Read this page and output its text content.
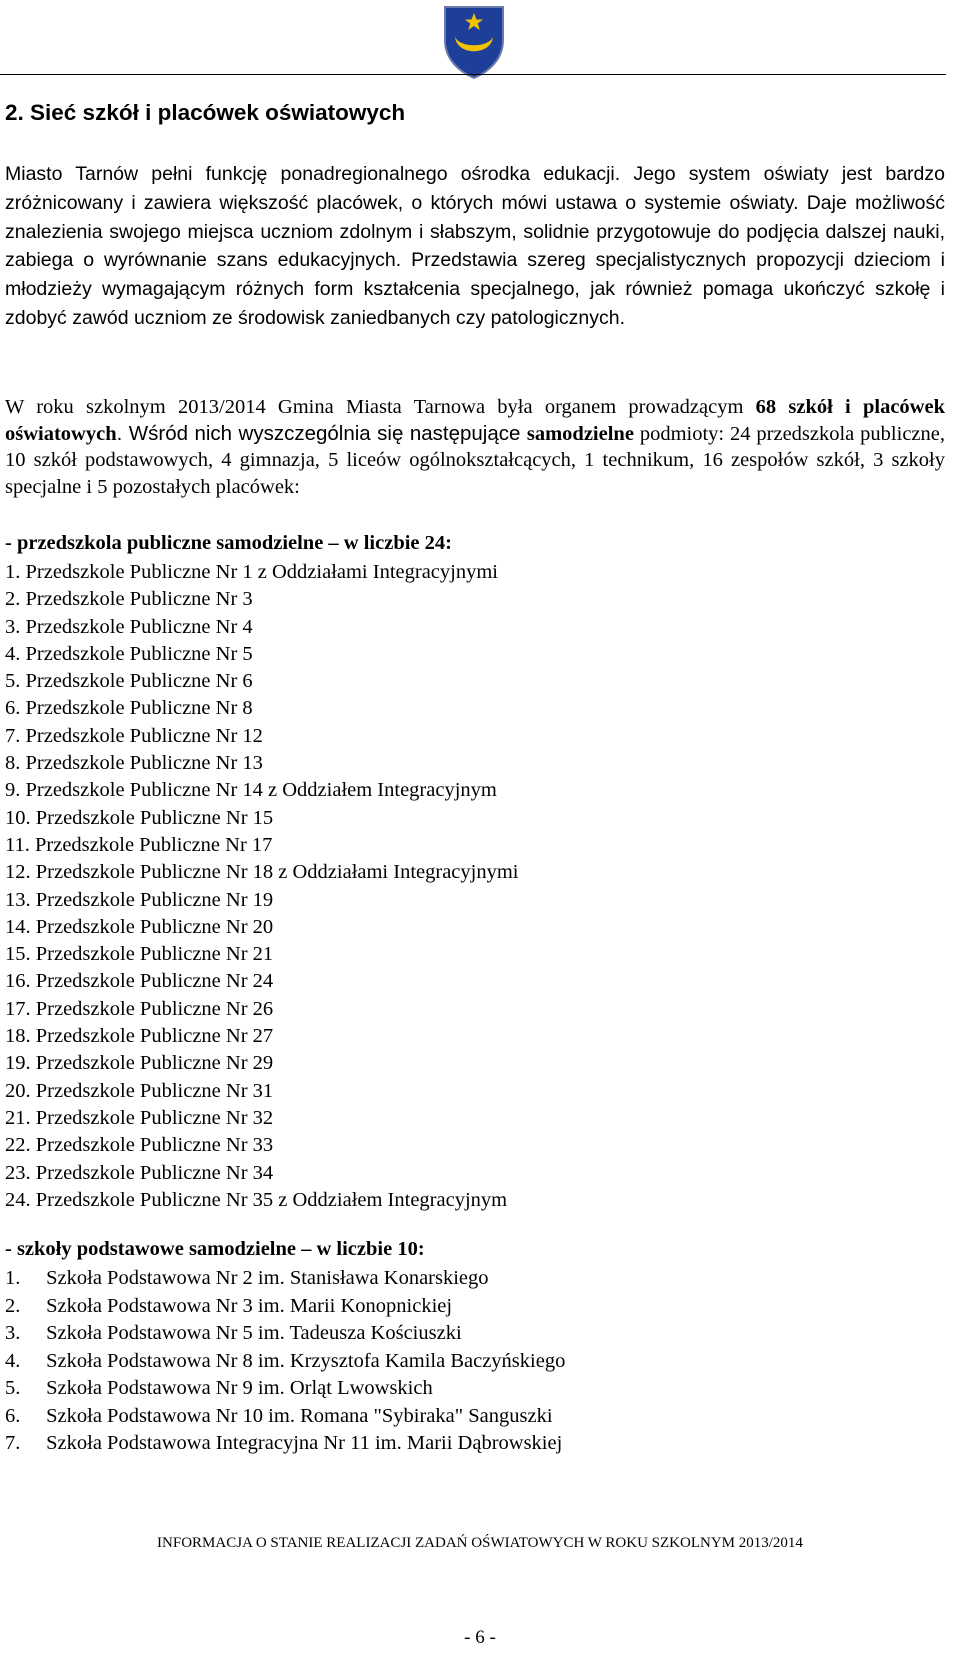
2. Sieć szkół i placówek oświatowych

Miasto Tarnów pełni funkcję ponadregionalnego ośrodka edukacji. Jego system oświaty jest bardzo zróżnicowany i zawiera większość placówek, o których mówi ustawa o systemie oświaty. Daje możliwość znalezienia swojego miejsca uczniom zdolnym i słabszym, solidnie przygotowuje do podjęcia dalszej nauki, zabiega o wyrównanie szans edukacyjnych. Przedstawia szereg specjalistycznych propozycji dzieciom i młodzieży wymagającym różnych form kształcenia specjalnego, jak również pomaga ukończyć szkołę i zdobyć zawód uczniom ze środowisk zaniedbanych czy patologicznych.

W roku szkolnym 2013/2014 Gmina Miasta Tarnowa była organem prowadzącym 68 szkół i placówek oświatowych. Wśród nich wyszczególnia się następujące samodzielne podmioty: 24 przedszkola publiczne, 10 szkół podstawowych, 4 gimnazja, 5 liceów ogólnokształcących, 1 technikum, 16 zespołów szkół, 3 szkoły specjalne i 5 pozostałych placówek:

- przedszkola publiczne samodzielne – w liczbie 24:

1. Przedszkole Publiczne Nr 1 z Oddziałami Integracyjnymi
2. Przedszkole Publiczne Nr 3
3. Przedszkole Publiczne Nr 4
4. Przedszkole Publiczne Nr 5
5. Przedszkole Publiczne Nr 6
6. Przedszkole Publiczne Nr 8
7. Przedszkole Publiczne Nr 12
8. Przedszkole Publiczne Nr 13
9. Przedszkole Publiczne Nr 14 z Oddziałem Integracyjnym
10. Przedszkole Publiczne Nr 15
11. Przedszkole Publiczne Nr 17
12. Przedszkole Publiczne Nr 18 z Oddziałami Integracyjnymi
13. Przedszkole Publiczne Nr 19
14. Przedszkole Publiczne Nr 20
15. Przedszkole Publiczne Nr 21
16. Przedszkole Publiczne Nr 24
17. Przedszkole Publiczne Nr 26
18. Przedszkole Publiczne Nr 27
19. Przedszkole Publiczne Nr 29
20. Przedszkole Publiczne Nr 31
21. Przedszkole Publiczne Nr 32
22. Przedszkole Publiczne Nr 33
23. Przedszkole Publiczne Nr 34
24. Przedszkole Publiczne Nr 35 z Oddziałem Integracyjnym

- szkoły podstawowe samodzielne – w liczbie 10:

1. Szkoła Podstawowa Nr 2 im. Stanisława Konarskiego
2. Szkoła Podstawowa Nr 3 im. Marii Konopnickiej
3. Szkoła Podstawowa Nr 5 im. Tadeusza Kościuszki
4. Szkoła Podstawowa Nr 8 im. Krzysztofa Kamila Baczyńskiego
5. Szkoła Podstawowa Nr 9 im. Orląt Lwowskich
6. Szkoła Podstawowa Nr 10 im. Romana "Sybiraka" Sanguszki
7. Szkoła Podstawowa Integracyjna Nr 11 im. Marii Dąbrowskiej
INFORMACJA O STANIE REALIZACJI ZADAŃ OŚWIATOWYCH W ROKU SZKOLNYM 2013/2014
- 6 -
